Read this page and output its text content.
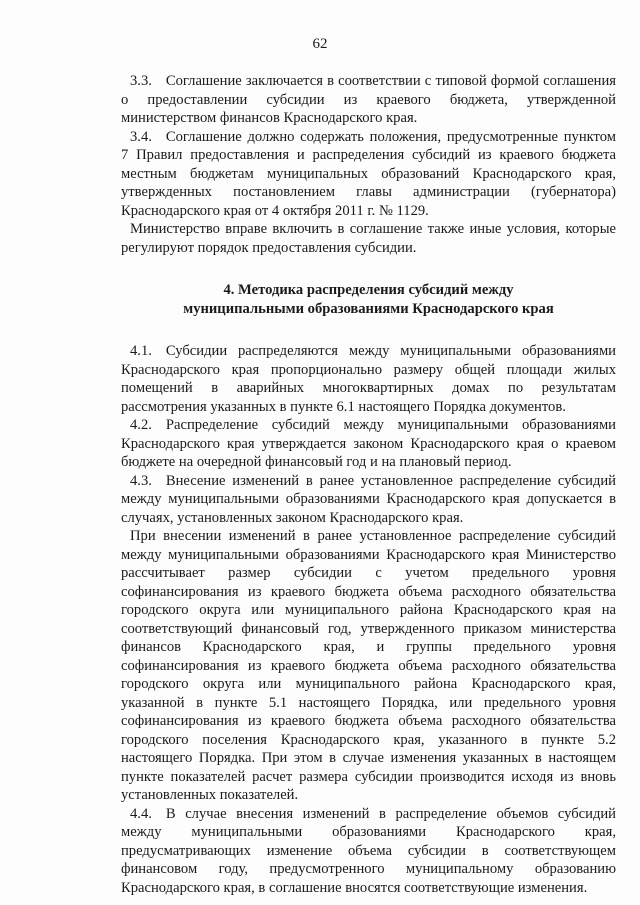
62

3.3. Соглашение заключается в соответствии с типовой формой соглашения о предоставлении субсидии из краевого бюджета, утвержденной министерством финансов Краснодарского края.

3.4. Соглашение должно содержать положения, предусмотренные пунктом 7 Правил предоставления и распределения субсидий из краевого бюджета местным бюджетам муниципальных образований Краснодарского края, утвержденных постановлением главы администрации (губернатора) Краснодарского края от 4 октября 2011 г. № 1129.

Министерство вправе включить в соглашение также иные условия, которые регулируют порядок предоставления субсидии.

4. Методика распределения субсидий между
муниципальными образованиями Краснодарского края

4.1. Субсидии распределяются между муниципальными образованиями Краснодарского края пропорционально размеру общей площади жилых помещений в аварийных многоквартирных домах по результатам рассмотрения указанных в пункте 6.1 настоящего Порядка документов.

4.2. Распределение субсидий между муниципальными образованиями Краснодарского края утверждается законом Краснодарского края о краевом бюджете на очередной финансовый год и на плановый период.

4.3. Внесение изменений в ранее установленное распределение субсидий между муниципальными образованиями Краснодарского края допускается в случаях, установленных законом Краснодарского края.

При внесении изменений в ранее установленное распределение субсидий между муниципальными образованиями Краснодарского края Министерство рассчитывает размер субсидии с учетом предельного уровня софинансирования из краевого бюджета объема расходного обязательства городского округа или муниципального района Краснодарского края на соответствующий финансовый год, утвержденного приказом министерства финансов Краснодарского края, и группы предельного уровня софинансирования из краевого бюджета объема расходного обязательства городского округа или муниципального района Краснодарского края, указанной в пункте 5.1 настоящего Порядка, или предельного уровня софинансирования из краевого бюджета объема расходного обязательства городского поселения Краснодарского края, указанного в пункте 5.2 настоящего Порядка. При этом в случае изменения указанных в настоящем пункте показателей расчет размера субсидии производится исходя из вновь установленных показателей.

4.4. В случае внесения изменений в распределение объемов субсидий между муниципальными образованиями Краснодарского края, предусматривающих изменение объема субсидии в соответствующем финансовом году, предусмотренного муниципальному образованию Краснодарского края, в соглашение вносятся соответствующие изменения.
